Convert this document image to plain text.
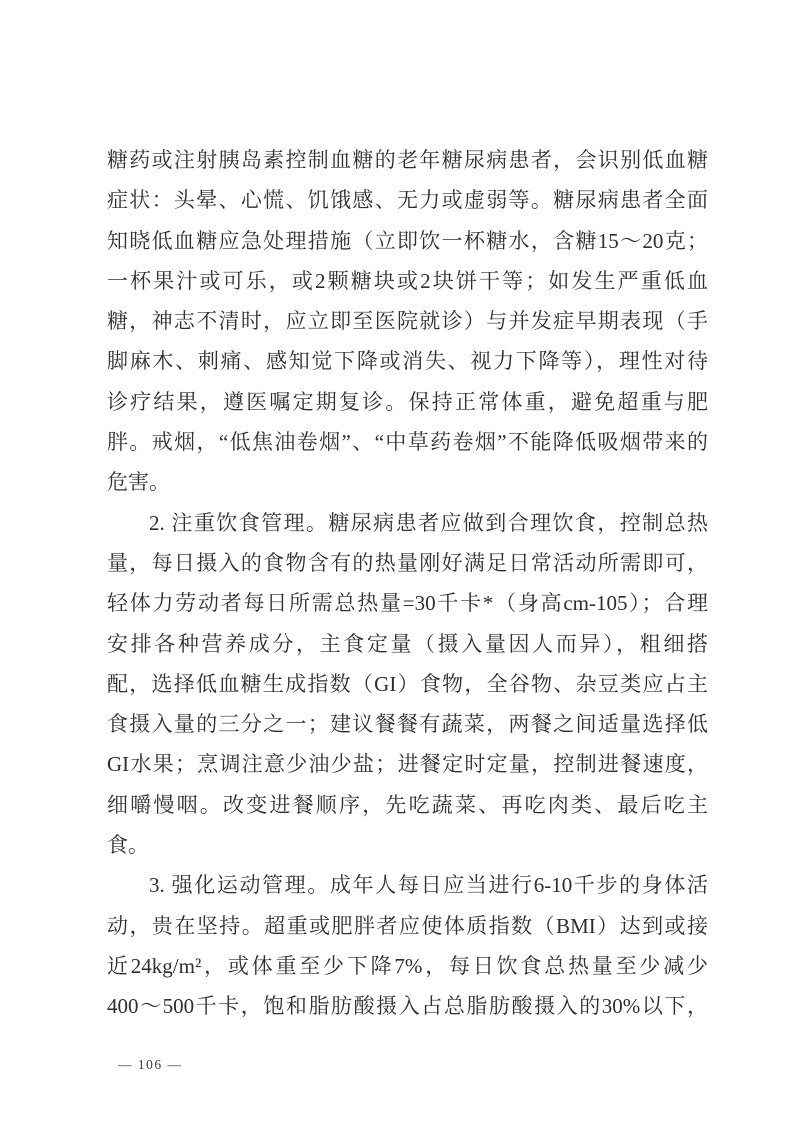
糖药或注射胰岛素控制血糖的老年糖尿病患者，会识别低血糖
症状：头晕、心慌、饥饿感、无力或虚弱等。糖尿病患者全面
知晓低血糖应急处理措施（立即饮一杯糖水，含糖15～20克；
一杯果汁或可乐，或2颗糖块或2块饼干等；如发生严重低血
糖，神志不清时，应立即至医院就诊）与并发症早期表现（手
脚麻木、刺痛、感知觉下降或消失、视力下降等），理性对待
诊疗结果，遵医嘱定期复诊。保持正常体重，避免超重与肥
胖。戒烟，“低焦油卷烟”、“中草药卷烟”不能降低吸烟带来的
危害。
2. 注重饮食管理。糖尿病患者应做到合理饮食，控制总热
量，每日摄入的食物含有的热量刚好满足日常活动所需即可，
轻体力劳动者每日所需总热量=30千卡*（身高cm-105）；合理
安排各种营养成分，主食定量（摄入量因人而异），粗细搭
配，选择低血糖生成指数（GI）食物，全谷物、杂豆类应占主
食摄入量的三分之一；建议餐餐有蔬菜，两餐之间适量选择低
GI水果；烹调注意少油少盐；进餐定时定量，控制进餐速度，
细嚼慢咽。改变进餐顺序，先吃蔬菜、再吃肉类、最后吃主
食。
3. 强化运动管理。成年人每日应当进行6-10千步的身体活
动，贵在坚持。超重或肥胖者应使体质指数（BMI）达到或接
近24kg/m²，或体重至少下降7%，每日饮食总热量至少减少
400～500千卡，饱和脂肪酸摄入占总脂肪酸摄入的30%以下，
— 106 —
